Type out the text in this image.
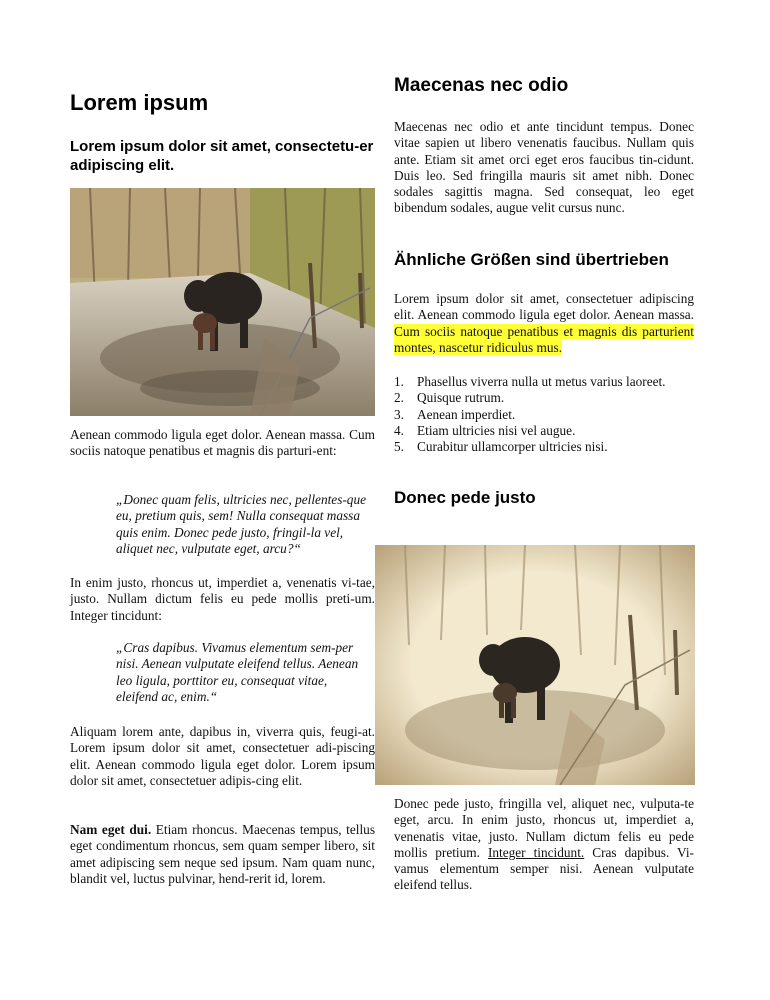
Lorem ipsum
Lorem ipsum dolor sit amet, consectetu-er adipiscing elit.

Aenean commodo ligula eget dolor. Aenean massa. Cum sociis natoque penatibus et magnis dis parturi-ent:

„Donec quam felis, ultricies nec, pellentes-que eu, pretium quis, sem! Nulla consequat massa quis enim. Donec pede justo, fringil-la vel, aliquet nec, vulputate eget, arcu?“

In enim justo, rhoncus ut, imperdiet a, venenatis vi-tae, justo. Nullam dictum felis eu pede mollis preti-um. Integer tincidunt:

„Cras dapibus. Vivamus elementum sem-per nisi. Aenean vulputate eleifend tellus. Aenean leo ligula, porttitor eu, consequat vitae, eleifend ac, enim.“

Aliquam lorem ante, dapibus in, viverra quis, feugi-at. Lorem ipsum dolor sit amet, consectetuer adi-piscing elit. Aenean commodo ligula eget dolor. Lorem ipsum dolor sit amet, consectetuer adipis-cing elit.

Nam eget dui. Etiam rhoncus. Maecenas tempus, tellus eget condimentum rhoncus, sem quam semper libero, sit amet adipiscing sem neque sed ipsum. Nam quam nunc, blandit vel, luctus pulvinar, hend-rerit id, lorem.

Maecenas nec odio

Maecenas nec odio et ante tincidunt tempus. Donec vitae sapien ut libero venenatis faucibus. Nullam quis ante. Etiam sit amet orci eget eros faucibus tin-cidunt. Duis leo. Sed fringilla mauris sit amet nibh. Donec sodales sagittis magna. Sed consequat, leo eget bibendum sodales, augue velit cursus nunc.

Ähnliche Größen sind übertrieben

Lorem ipsum dolor sit amet, consectetuer adipiscing elit. Aenean commodo ligula eget dolor. Aenean massa. Cum sociis natoque penatibus et magnis dis parturient montes, nascetur ridiculus mus.

1. Phasellus viverra nulla ut metus varius laoreet.
2. Quisque rutrum.
3. Aenean imperdiet.
4. Etiam ultricies nisi vel augue.
5. Curabitur ullamcorper ultricies nisi.
Donec pede justo

Donec pede justo, fringilla vel, aliquet nec, vulputa-te eget, arcu. In enim justo, rhoncus ut, imperdiet a, venenatis vitae, justo. Nullam dictum felis eu pede mollis pretium. Integer tincidunt. Cras dapibus. Vi-vamus elementum semper nisi. Aenean vulputate eleifend tellus.
